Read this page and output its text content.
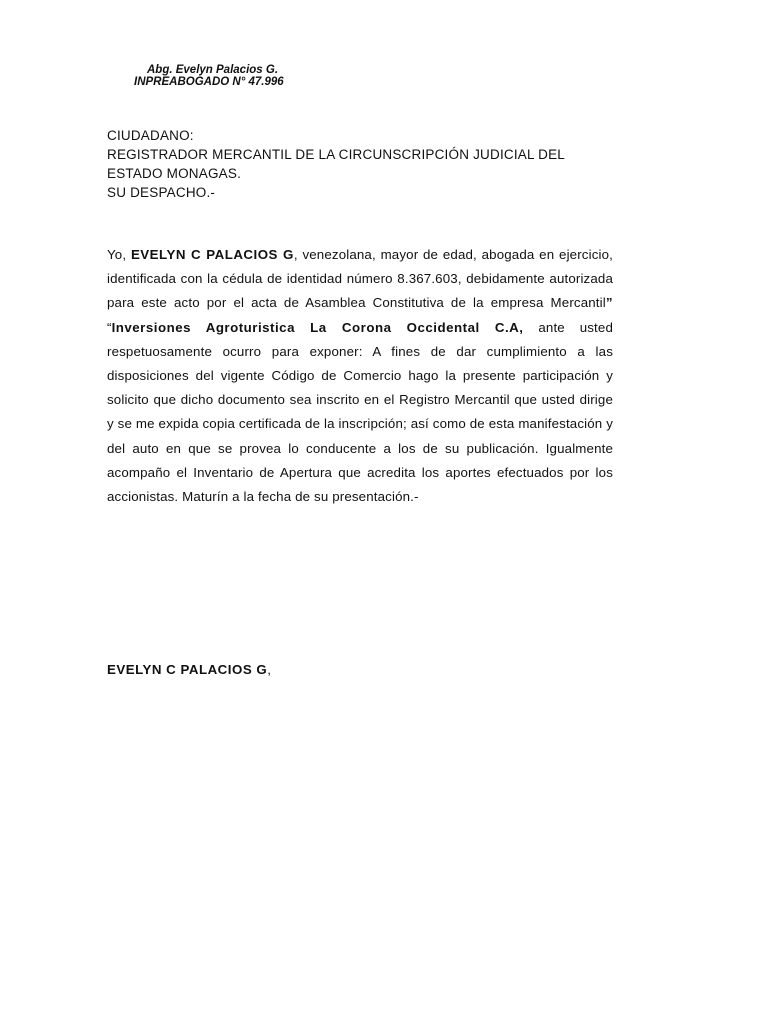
Abg. Evelyn Palacios G.
INPREABOGADO N° 47.996
CIUDADANO:
REGISTRADOR MERCANTIL DE LA CIRCUNSCRIPCIÓN JUDICIAL DEL
ESTADO MONAGAS.
SU DESPACHO.-
Yo, EVELYN C PALACIOS G, venezolana, mayor de edad, abogada en ejercicio, identificada con la cédula de identidad número 8.367.603, debidamente autorizada para este acto por el acta de Asamblea Constitutiva de la empresa Mercantil” “Inversiones Agroturistica La Corona Occidental C.A, ante usted respetuosamente ocurro para exponer: A fines de dar cumplimiento a las disposiciones del vigente Código de Comercio hago la presente participación y solicito que dicho documento sea inscrito en el Registro Mercantil que usted dirige y se me expida copia certificada de la inscripción; así como de esta manifestación y del auto en que se provea lo conducente a los de su publicación. Igualmente acompaño el Inventario de Apertura que acredita los aportes efectuados por los accionistas. Maturín a la fecha de su presentación.-
EVELYN C PALACIOS G,
